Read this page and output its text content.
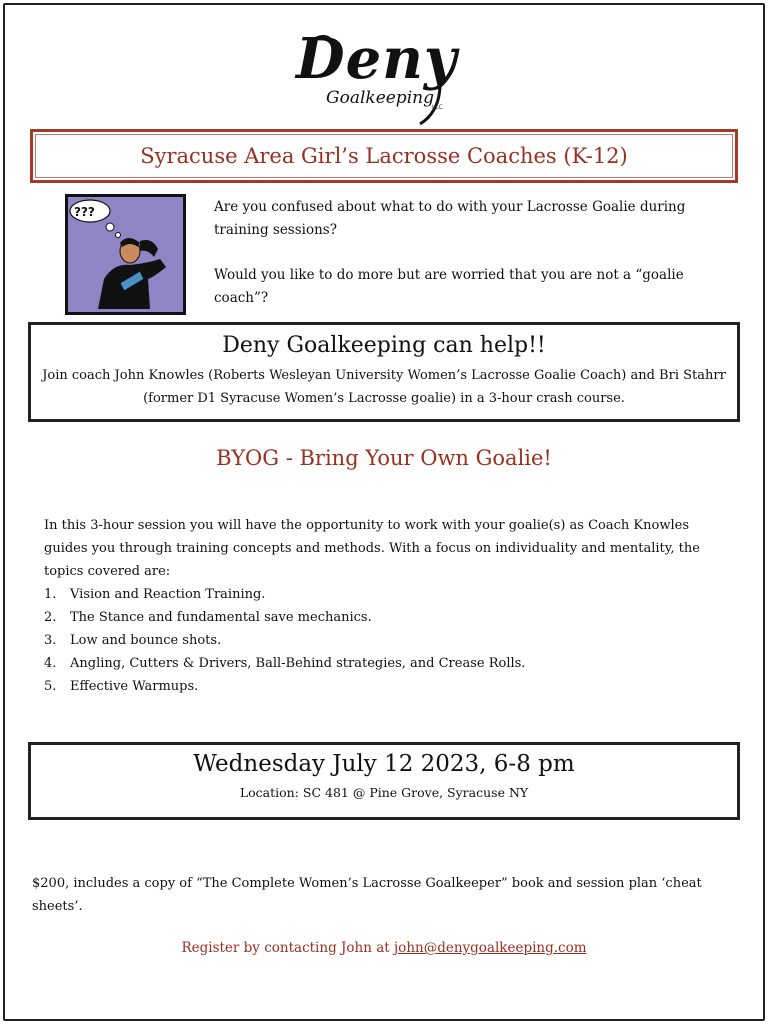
Deny
Goalkeeping
LLC
Syracuse Area Girl’s Lacrosse Coaches (K-12)
???	Are you confused about what to do with your Lacrosse Goalie during training sessions?

Would you like to do more but are worried that you are not a “goalie coach”?

Deny Goalkeeping can help!!
Join coach John Knowles (Roberts Wesleyan University Women’s Lacrosse Goalie Coach) and Bri Stahrr (former D1 Syracuse Women’s Lacrosse goalie) in a 3-hour crash course.
BYOG - Bring Your Own Goalie!

In this 3-hour session you will have the opportunity to work with your goalie(s) as Coach Knowles guides you through training concepts and methods. With a focus on individuality and mentality, the topics covered are:

1.	Vision and Reaction Training.
2.	The Stance and fundamental save mechanics.
3.	Low and bounce shots.
4.	Angling, Cutters & Drivers, Ball-Behind strategies, and Crease Rolls.
5.	Effective Warmups.
Wednesday July 12 2023, 6-8 pm
Location: SC 481 @ Pine Grove, Syracuse NY
$200, includes a copy of “The Complete Women’s Lacrosse Goalkeeper” book and session plan ‘cheat sheets’.
Register by contacting John at john@denygoalkeeping.com
